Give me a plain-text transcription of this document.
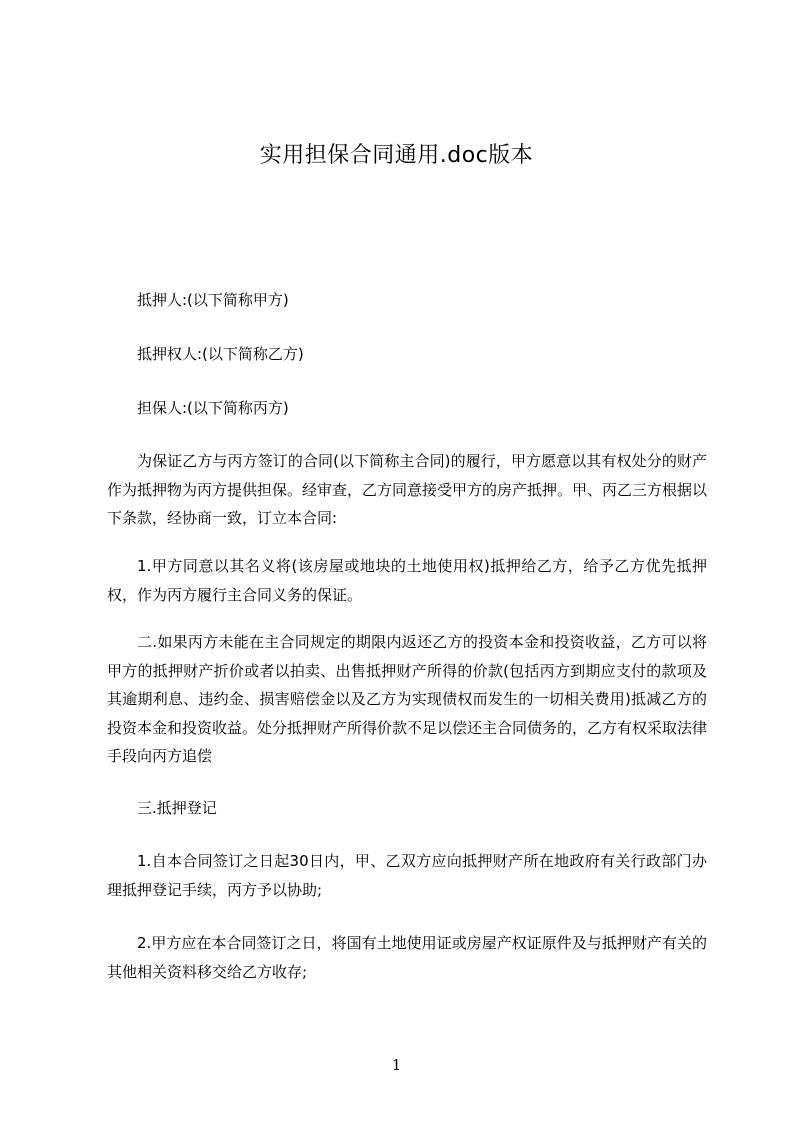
实用担保合同通用.doc版本
抵押人:(以下简称甲方)
抵押权人:(以下简称乙方)
担保人:(以下简称丙方)

为保证乙方与丙方签订的合同(以下简称主合同)的履行，甲方愿意以其有权处分的财产作为抵押物为丙方提供担保。经审查，乙方同意接受甲方的房产抵押。甲、丙乙三方根据以下条款，经协商一致，订立本合同:

1.甲方同意以其名义将(该房屋或地块的土地使用权)抵押给乙方，给予乙方优先抵押权，作为丙方履行主合同义务的保证。

二.如果丙方未能在主合同规定的期限内返还乙方的投资本金和投资收益，乙方可以将甲方的抵押财产折价或者以拍卖、出售抵押财产所得的价款(包括丙方到期应支付的款项及其逾期利息、违约金、损害赔偿金以及乙方为实现债权而发生的一切相关费用)抵减乙方的投资本金和投资收益。处分抵押财产所得价款不足以偿还主合同债务的，乙方有权采取法律手段向丙方追偿

三.抵押登记

1.自本合同签订之日起30日内，甲、乙双方应向抵押财产所在地政府有关行政部门办理抵押登记手续，丙方予以协助;

2.甲方应在本合同签订之日，将国有土地使用证或房屋产权证原件及与抵押财产有关的其他相关资料移交给乙方收存;

1
